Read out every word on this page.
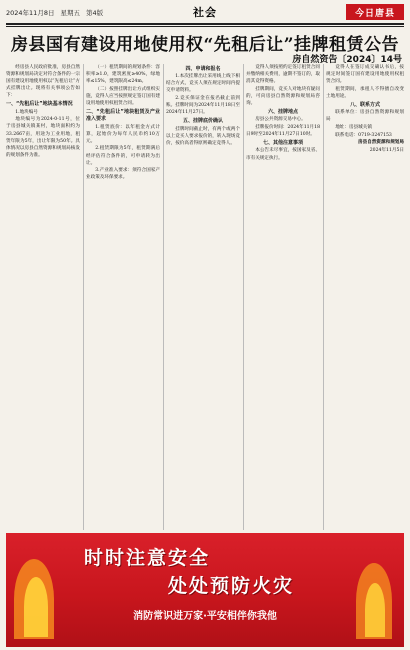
2024年11月8日 星期五 第4版	社会	今日唐县
房县国有建设用地使用权“先租后让”挂牌租赁公告
房自然资告〔2024〕14号

经房县人民政府批准，房县自然资源和规划局决定对符合条件的一宗国有建设用地使用权以“先租后让”方式挂牌出让。现将有关事项公告如下：

一、“先租后让”地块基本情况

1.地块编号

地块编号为2024-0-11号，位于房县城关镇某村，地块面积约为33.2667亩，用途为工业用地，租赁年限为5年，出让年限为50年。具体情况以房县自然资源和规划局核发的规划条件为准。

（一）租赁期间的规划条件：容积率≥1.0，建筑密度≥40%，绿地率≤15%，建筑限高≤24m。

（二）按照挂牌出让方式组织实施，竞得人应当按照规定签订国有建设用地使用权租赁合同。

二、“先租后让”地块租赁及产业准入要求

1.租赁底价：以年租金方式计算，起始价为每年人民币约10万元。

2.租赁期限为5年，租赁期满后经评估符合条件的，可申请转为出让。

3.产业准入要求：须符合国家产业政策及环保要求。

四、申请和报名

1.本次挂牌出让采用线上线下相结合方式，竞买人须在规定时间内提交申请资料。

2.竞买保证金在报名截止前到账。挂牌时间为2024年11月18日至2024年11月27日。

五、挂牌底价确认

挂牌时间截止时，有两个或两个以上竞买人要求报价的，转入现场竞价，按价高者得原则确定竞得人。

竞得人须按照约定签订租赁合同并缴纳相关费用，逾期不签订的，取消其竞得资格。

挂牌期间，竞买人对地块有疑问的，可向房县自然资源和规划局咨询。

六、挂牌地点

房县公共资源交易中心。

挂牌报价时间：2024年11月18日9时至2024年11月27日10时。

七、其他注意事项

本公告未尽事宜，按国家及省、市有关规定执行。

竞得人在签订成交确认书后，按规定时间签订国有建设用地使用权租赁合同。

租赁期间，承租人不得擅自改变土地用途。

八、联系方式

联系单位：房县自然资源和规划局

地址：房县城关镇

联系电话：0719-3247153

房县自然资源和规划局

2024年11月5日

时时注意安全
处处预防火灾
消防常识进万家·平安相伴你我他
